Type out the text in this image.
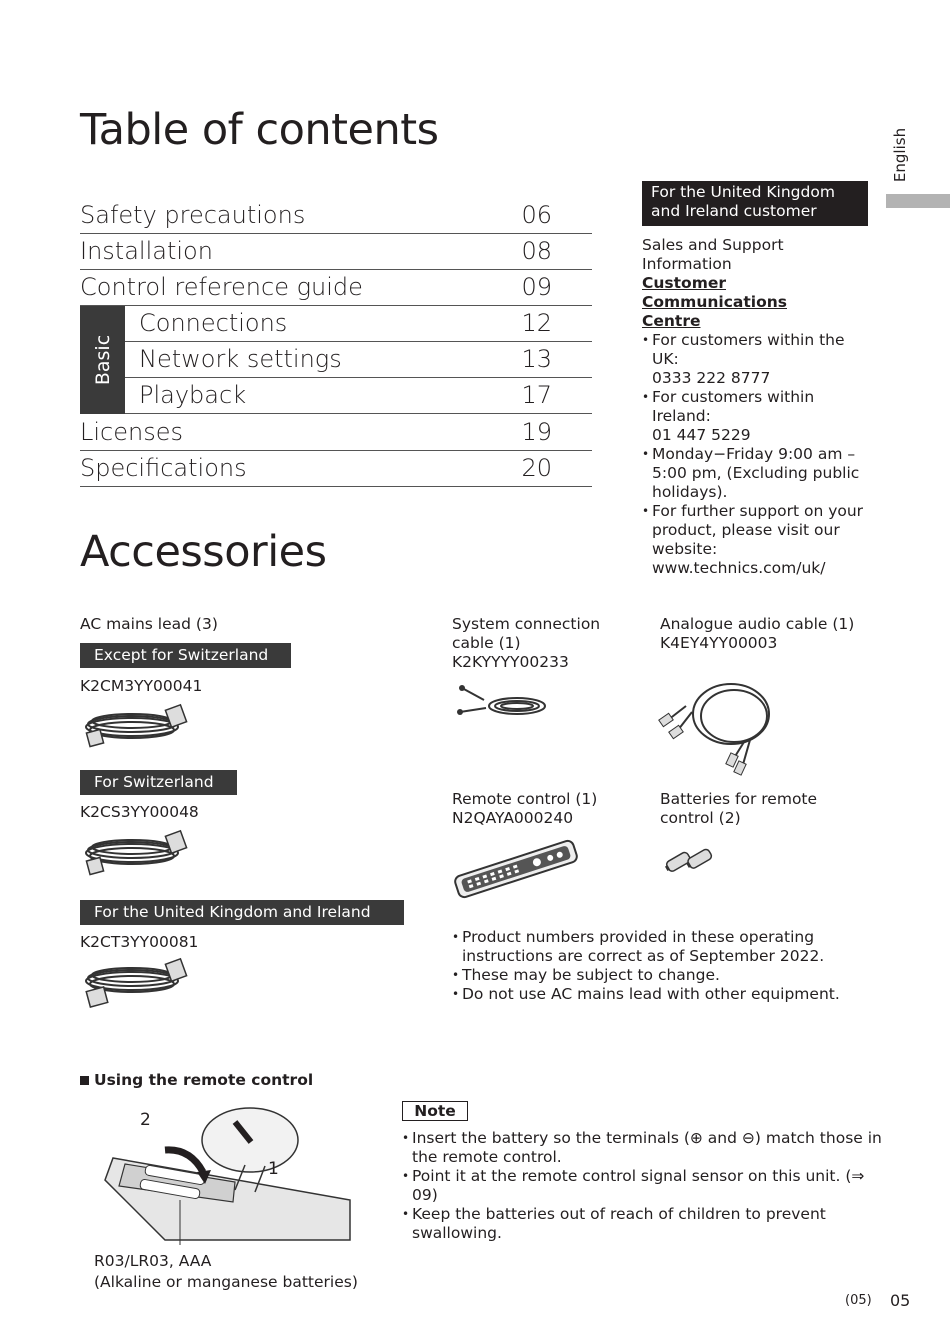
English
Table of contents
Safety precautions	06
Installation	08
Control reference guide	09
Basic
Connections	12
Network settings	13
Playback	17
Licenses	19
Specifications	20
For the United Kingdom
and Ireland customer
Sales and Support
Information
Customer Communications
Centre
• For customers within the UK:
0333 222 8777
• For customers within Ireland:
01 447 5229
• Monday−Friday 9:00 am –
5:00 pm, (Excluding public
holidays).
• For further support on your
product, please visit our
website:
www.technics.com/uk/
Accessories
AC mains lead (3)
Except for Switzerland
K2CM3YY00041
For Switzerland
K2CS3YY00048
For the United Kingdom and Ireland
K2CT3YY00081
System connection
cable (1)
K2KYYYY00233
Analogue audio cable (1)
K4EY4YY00003
Remote control (1)
N2QAYA000240
Batteries for remote
control (2)
• Product numbers provided in these operating
instructions are correct as of September 2022.
• These may be subject to change.
• Do not use AC mains lead with other equipment.
Using the remote control
2
1
R03/LR03, AAA
(Alkaline or manganese batteries)
Note
• Insert the battery so the terminals (⊕ and ⊖) match those in
the remote control.
• Point it at the remote control signal sensor on this unit. (⇒ 09)
• Keep the batteries out of reach of children to prevent
swallowing.
(05) 05
